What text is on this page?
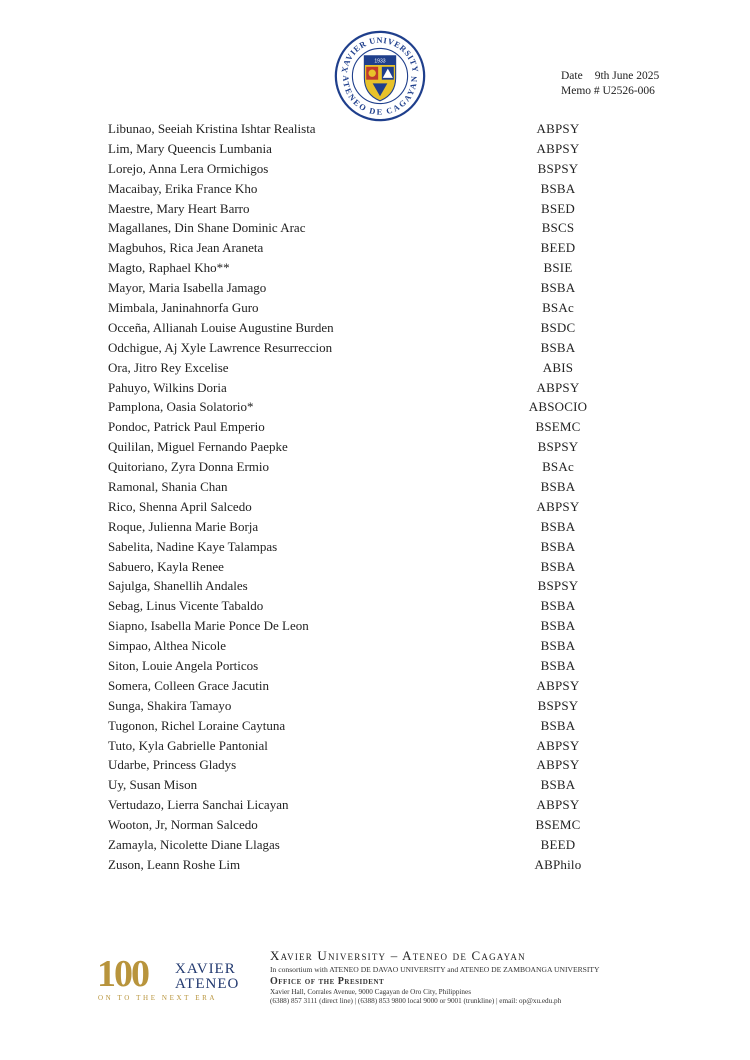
XAVIER UNIVERSITY
ATENEO DE CAGAYAN
1933
Date 9th June 2025
Memo # U2526-006
Libunao, Seeiah Kristina Ishtar Realista	ABPSY
Lim, Mary Queencis Lumbania	ABPSY
Lorejo, Anna Lera Ormichigos	BSPSY
Macaibay, Erika France Kho	BSBA
Maestre, Mary Heart Barro	BSED
Magallanes, Din Shane Dominic Arac	BSCS
Magbuhos, Rica Jean Araneta	BEED
Magto, Raphael Kho**	BSIE
Mayor, Maria Isabella Jamago	BSBA
Mimbala, Janinahnorfa Guro	BSAc
Occeña, Allianah Louise Augustine Burden	BSDC
Odchigue, Aj Xyle Lawrence Resurreccion	BSBA
Ora, Jitro Rey Excelise	ABIS
Pahuyo, Wilkins Doria	ABPSY
Pamplona, Oasia Solatorio*	ABSOCIO
Pondoc, Patrick Paul Emperio	BSEMC
Quililan, Miguel Fernando Paepke	BSPSY
Quitoriano, Zyra Donna Ermio	BSAc
Ramonal, Shania Chan	BSBA
Rico, Shenna April Salcedo	ABPSY
Roque, Julienna Marie Borja	BSBA
Sabelita, Nadine Kaye Talampas	BSBA
Sabuero, Kayla Renee	BSBA
Sajulga, Shanellih Andales	BSPSY
Sebag, Linus Vicente Tabaldo	BSBA
Siapno, Isabella Marie Ponce De Leon	BSBA
Simpao, Althea Nicole	BSBA
Siton, Louie Angela Porticos	BSBA
Somera, Colleen Grace Jacutin	ABPSY
Sunga, Shakira Tamayo	BSPSY
Tugonon, Richel Loraine Caytuna	BSBA
Tuto, Kyla Gabrielle Pantonial	ABPSY
Udarbe, Princess Gladys	ABPSY
Uy, Susan Mison	BSBA
Vertudazo, Lierra Sanchai Licayan	ABPSY
Wooton, Jr, Norman Salcedo	BSEMC
Zamayla, Nicolette Diane Llagas	BEED
Zuson, Leann Roshe Lim	ABPhilo
100 XAVIER
ATENEO
ON TO THE NEXT ERA
Xavier University – Ateneo de Cagayan
In consortium with ATENEO DE DAVAO UNIVERSITY and ATENEO DE ZAMBOANGA UNIVERSITY
Office of the President
Xavier Hall, Corrales Avenue, 9000 Cagayan de Oro City, Philippines
(6388) 857 3111 (direct line) | (6388) 853 9800 local 9000 or 9001 (trunkline) | email: op@xu.edu.ph
